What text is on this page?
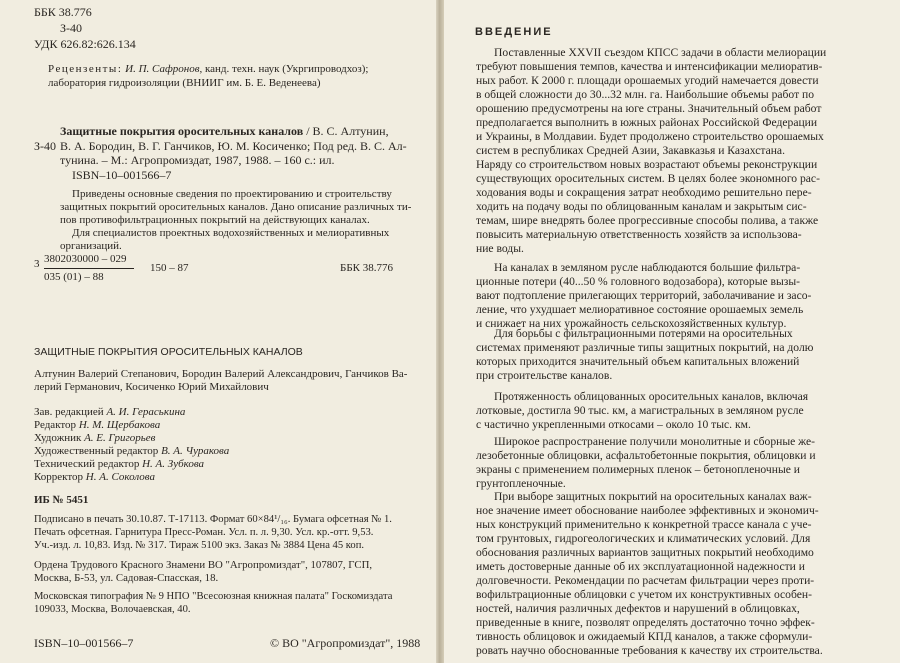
ББК 38.776
З-40
УДК 626.82:626.134
Рецензенты: И. П. Сафронов, канд. техн. наук (Укргипроводхоз);
лаборатория гидроизоляции (ВНИИГ им. Б. Е. Веденеева)
Защитные покрытия оросительных каналов / В. С. Алтунин,
З-40 В. А. Бородин, В. Г. Ганчиков, Ю. М. Косиченко; Под ред. В. С. Ал-
тунина. – М.: Агропромиздат, 1987, 1988. – 160 с.: ил.
ISBN–10–001566–7
Приведены основные сведения по проектированию и строительству
защитных покрытий оросительных каналов. Дано описание различных ти-
пов противофильтрационных покрытий на действующих каналах.
Для специалистов проектных водохозяйственных и мелиоративных
организаций.
3 3802030000 – 029
035 (01) – 88
150 – 87	ББК 38.776
ЗАЩИТНЫЕ ПОКРЫТИЯ ОРОСИТЕЛЬНЫХ КАНАЛОВ
Алтунин Валерий Степанович, Бородин Валерий Александрович, Ганчиков Ва-
лерий Германович, Косиченко Юрий Михайлович
Зав. редакцией А. И. Гераськина
Редактор Н. М. Щербакова
Художник А. Е. Григорьев
Художественный редактор В. А. Чуракова
Технический редактор Н. А. Зубкова
Корректор Н. А. Соколова
ИБ № 5451
Подписано в печать 30.10.87. Т-17113. Формат 60×84¹/₁₆. Бумага офсетная № 1.
Печать офсетная. Гарнитура Пресс-Роман. Усл. п. л. 9,30. Усл. кр.-отт. 9,53.
Уч.-изд. л. 10,83. Изд. № 317. Тираж 5100 экз. Заказ № 3884 Цена 45 коп.
Ордена Трудового Красного Знамени ВО "Агропромиздат", 107807, ГСП,
Москва, Б-53, ул. Садовая-Спасская, 18.
Московская типография № 9 НПО "Всесоюзная книжная палата" Госкомиздата
109033, Москва, Волочаевская, 40.
ISBN–10–001566–7	© ВО "Агропромиздат", 1988
ВВЕДЕНИЕ
Поставленные XXVII съездом КПСС задачи в области мелиорации
требуют повышения темпов, качества и интенсификации мелиоратив-
ных работ. К 2000 г. площади орошаемых угодий намечается довести
в общей сложности до 30...32 млн. га. Наибольшие объемы работ по
орошению предусмотрены на юге страны. Значительный объем работ
предполагается выполнить в южных районах Российской Федерации
и Украины, в Молдавии. Будет продолжено строительство орошаемых
систем в республиках Средней Азии, Закавказья и Казахстана.
Наряду со строительством новых возрастают объемы реконструкции
существующих оросительных систем. В целях более экономного рас-
ходования воды и сокращения затрат необходимо решительно пере-
ходить на подачу воды по облицованным каналам и закрытым сис-
темам, шире внедрять более прогрессивные способы полива, а также
повысить материальную ответственность хозяйств за использова-
ние воды.
На каналах в земляном русле наблюдаются большие фильтра-
ционные потери (40...50 % головного водозабора), которые вызы-
вают подтопление прилегающих территорий, заболачивание и засо-
ление, что ухудшает мелиоративное состояние орошаемых земель
и снижает на них урожайность сельскохозяйственных культур.
Для борьбы с фильтрационными потерями на оросительных
системах применяют различные типы защитных покрытий, на долю
которых приходится значительный объем капитальных вложений
при строительстве каналов.
Протяженность облицованных оросительных каналов, включая
лотковые, достигла 90 тыс. км, а магистральных в земляном русле
с частично укрепленными откосами – около 10 тыс. км.
Широкое распространение получили монолитные и сборные же-
лезобетонные облицовки, асфальтобетонные покрытия, облицовки и
экраны с применением полимерных пленок – бетонопленочные и
грунтопленочные.
При выборе защитных покрытий на оросительных каналах важ-
ное значение имеет обоснование наиболее эффективных и экономич-
ных конструкций применительно к конкретной трассе канала с уче-
том грунтовых, гидрогеологических и климатических условий. Для
обоснования различных вариантов защитных покрытий необходимо
иметь достоверные данные об их эксплуатационной надежности и
долговечности. Рекомендации по расчетам фильтрации через проти-
вофильтрационные облицовки с учетом их конструктивных особен-
ностей, наличия различных дефектов и нарушений в облицовках,
приведенные в книге, позволят определять достаточно точно эффек-
тивность облицовок и ожидаемый КПД каналов, а также сформули-
ровать научно обоснованные требования к качеству их строительства.
